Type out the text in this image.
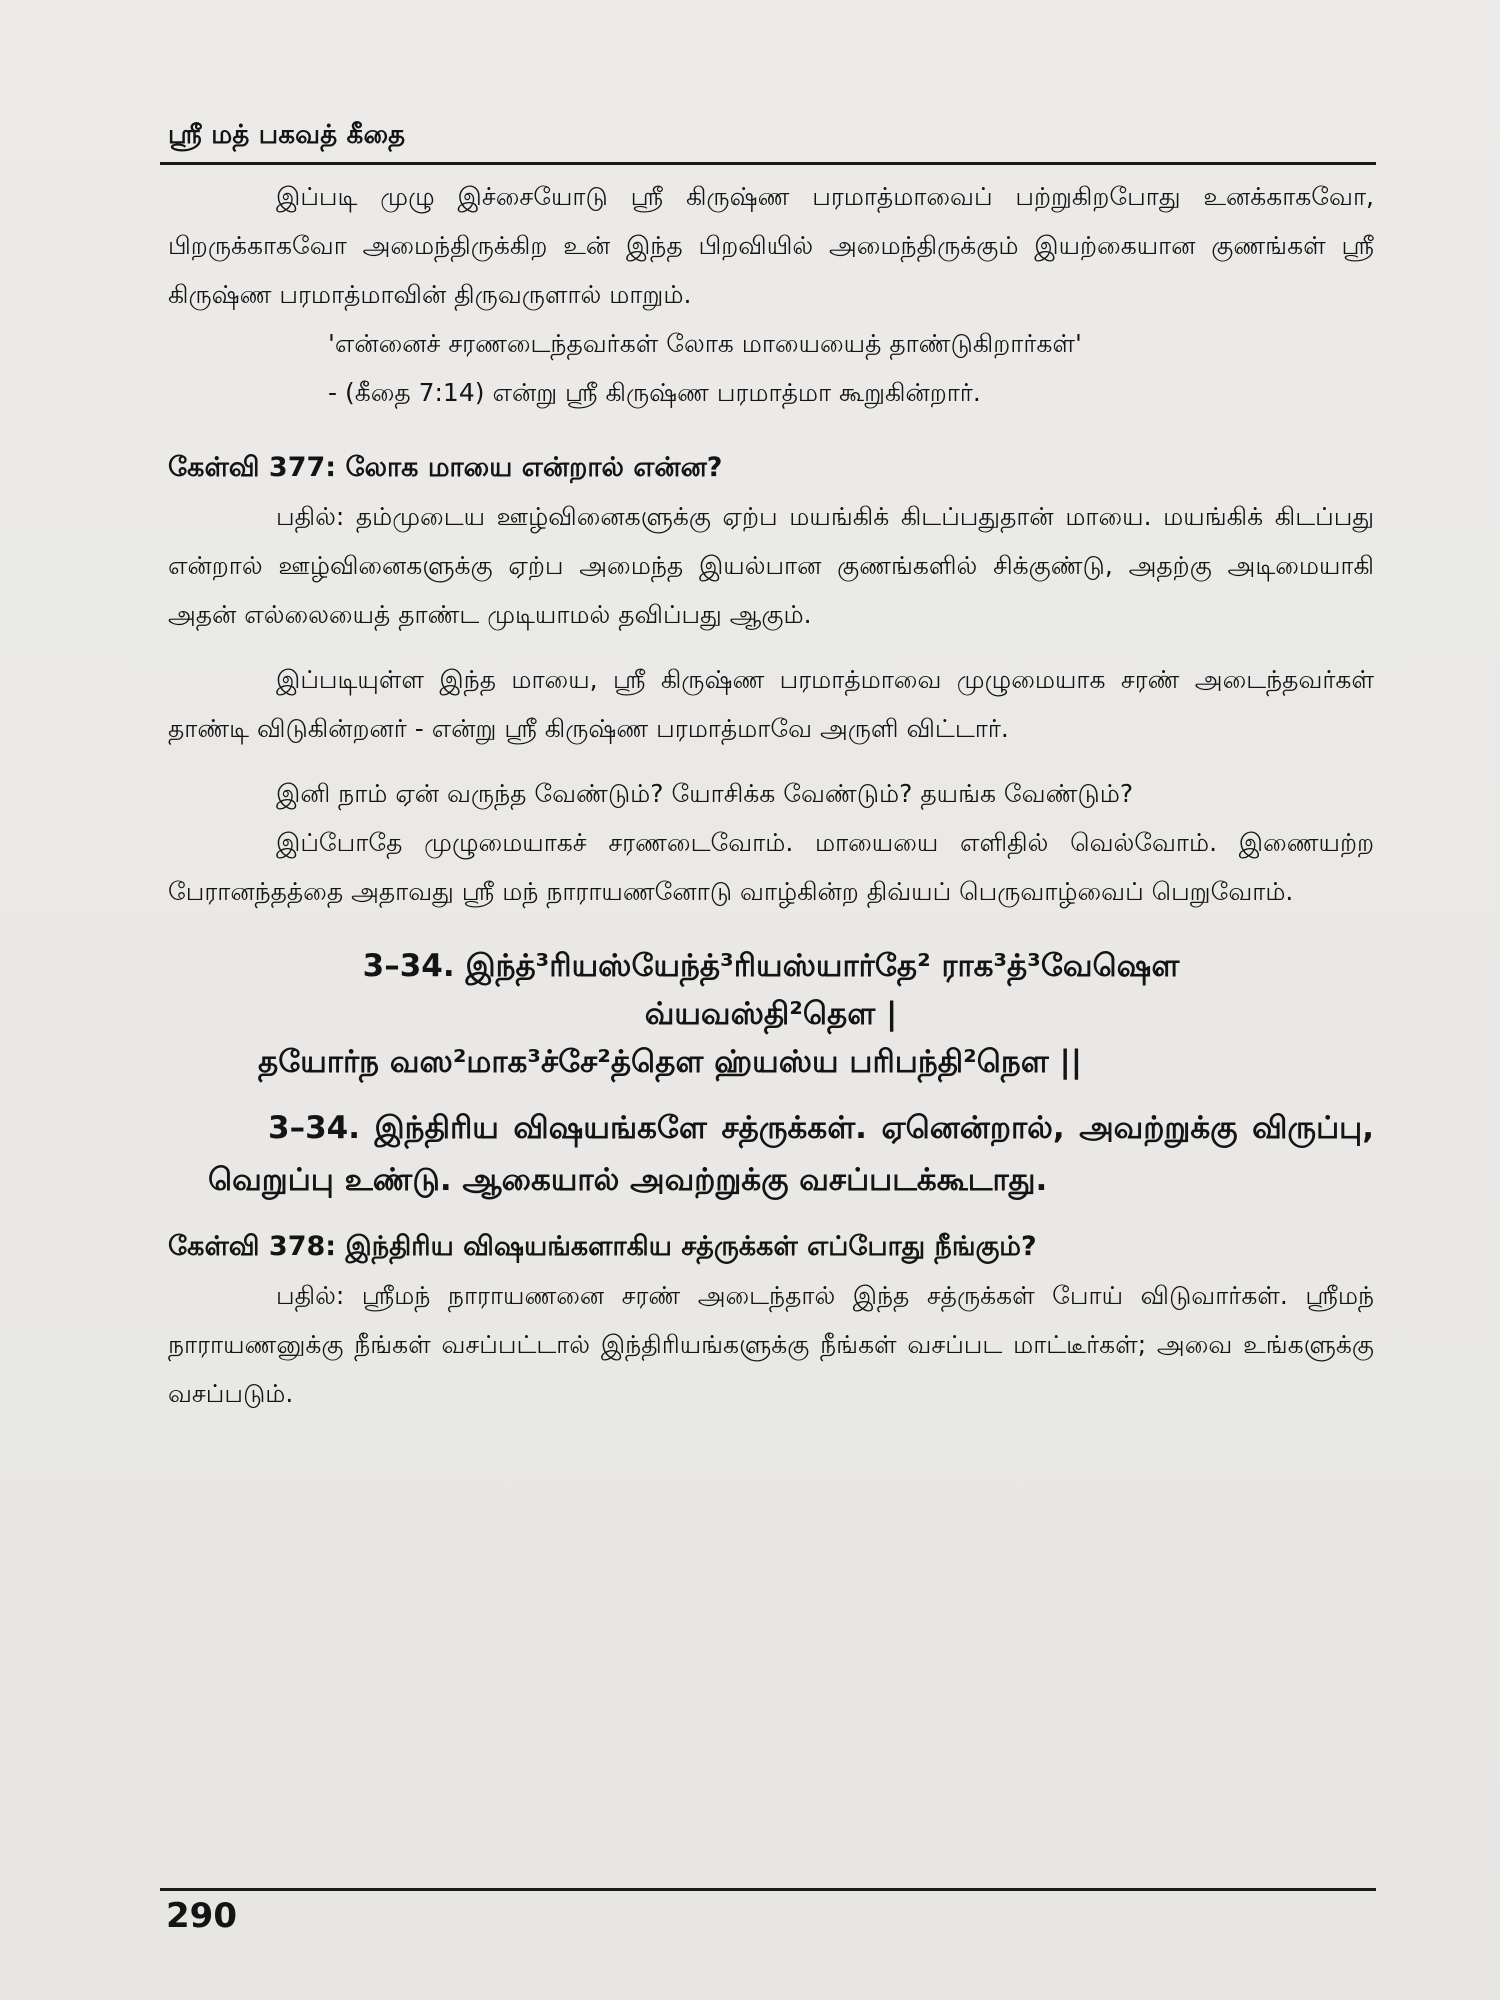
ஸ்ரீ மத் பகவத் கீதை

இப்படி முழு இச்சையோடு ஸ்ரீ கிருஷ்ண பரமாத்மாவைப் பற்றுகிறபோது உனக்காகவோ, பிறருக்காகவோ அமைந்திருக்கிற உன் இந்த பிறவியில் அமைந்திருக்கும் இயற்கையான குணங்கள் ஸ்ரீ கிருஷ்ண பரமாத்மாவின் திருவருளால் மாறும்.

'என்னைச் சரணடைந்தவர்கள் லோக மாயையைத் தாண்டுகிறார்கள்'

- (கீதை 7:14) என்று ஸ்ரீ கிருஷ்ண பரமாத்மா கூறுகின்றார்.

கேள்வி 377: லோக மாயை என்றால் என்ன?

பதில்: தம்முடைய ஊழ்வினைகளுக்கு ஏற்ப மயங்கிக் கிடப்பதுதான் மாயை. மயங்கிக் கிடப்பது என்றால் ஊழ்வினைகளுக்கு ஏற்ப அமைந்த இயல்பான குணங்களில் சிக்குண்டு, அதற்கு அடிமையாகி அதன் எல்லையைத் தாண்ட முடியாமல் தவிப்பது ஆகும்.

இப்படியுள்ள இந்த மாயை, ஸ்ரீ கிருஷ்ண பரமாத்மாவை முழுமையாக சரண் அடைந்தவர்கள் தாண்டி விடுகின்றனர் - என்று ஸ்ரீ கிருஷ்ண பரமாத்மாவே அருளி விட்டார்.

இனி நாம் ஏன் வருந்த வேண்டும்? யோசிக்க வேண்டும்? தயங்க வேண்டும்?

இப்போதே முழுமையாகச் சரணடைவோம். மாயையை எளிதில் வெல்வோம். இணையற்ற பேரானந்தத்தை அதாவது ஸ்ரீ மந் நாராயணனோடு வாழ்கின்ற திவ்யப் பெருவாழ்வைப் பெறுவோம்.

3–34. இந்த்³ரியஸ்யேந்த்³ரியஸ்யார்தே² ராக³த்³வேஷௌ
வ்யவஸ்தி²தௌ |
தயோர்ந வஸ²மாக³ச்சே²த்தௌ ஹ்யஸ்ய பரிபந்தி²நௌ ||

3–34. இந்திரிய விஷயங்களே சத்ருக்கள். ஏனென்றால், அவற்றுக்கு விருப்பு, வெறுப்பு உண்டு. ஆகையால் அவற்றுக்கு வசப்படக்கூடாது.

கேள்வி 378: இந்திரிய விஷயங்களாகிய சத்ருக்கள் எப்போது நீங்கும்?

பதில்: ஸ்ரீமந் நாராயணனை சரண் அடைந்தால் இந்த சத்ருக்கள் போய் விடுவார்கள். ஸ்ரீமந் நாராயணனுக்கு நீங்கள் வசப்பட்டால் இந்திரியங்களுக்கு நீங்கள் வசப்பட மாட்டீர்கள்; அவை உங்களுக்கு வசப்படும்.

290
